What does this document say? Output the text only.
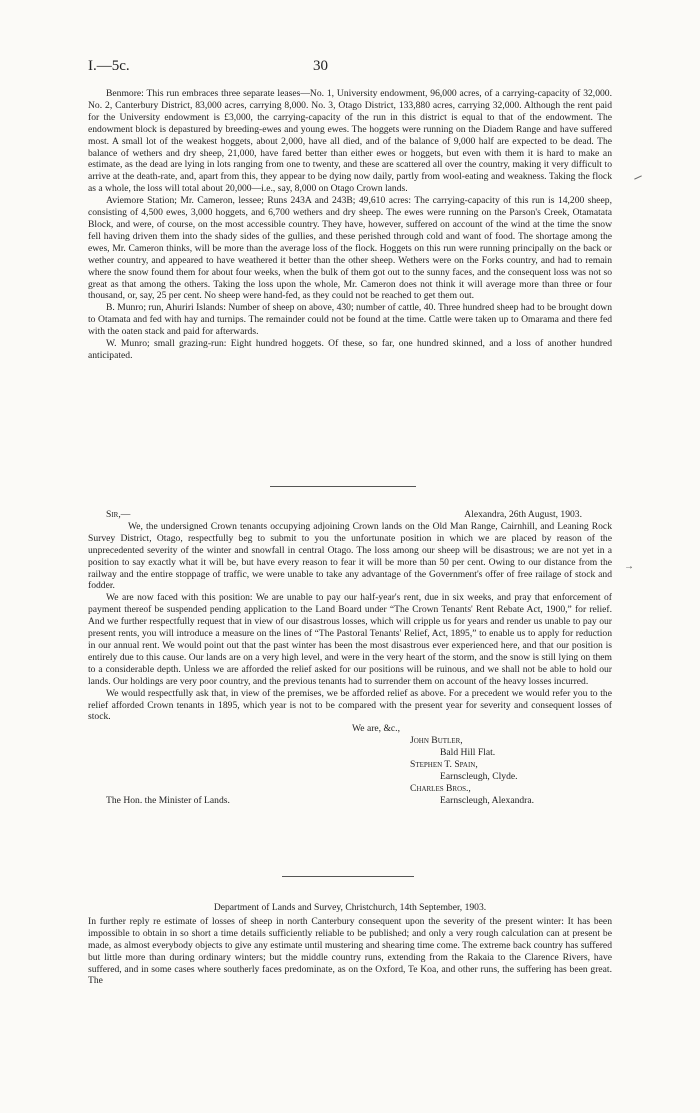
I.—5c.	30

Benmore: This run embraces three separate leases—No. 1, University endowment, 96,000 acres, of a carrying-capacity of 32,000. No. 2, Canterbury District, 83,000 acres, carrying 8,000. No. 3, Otago District, 133,880 acres, carrying 32,000. Although the rent paid for the University endowment is £3,000, the carrying-capacity of the run in this district is equal to that of the endowment. The endowment block is depastured by breeding-ewes and young ewes. The hoggets were running on the Diadem Range and have suffered most. A small lot of the weakest hoggets, about 2,000, have all died, and of the balance of 9,000 half are expected to be dead. The balance of wethers and dry sheep, 21,000, have fared better than either ewes or hoggets, but even with them it is hard to make an estimate, as the dead are lying in lots ranging from one to twenty, and these are scattered all over the country, making it very difficult to arrive at the death-rate, and, apart from this, they appear to be dying now daily, partly from wool-eating and weakness. Taking the flock as a whole, the loss will total about 20,000—i.e., say, 8,000 on Otago Crown lands.

Aviemore Station; Mr. Cameron, lessee; Runs 243A and 243B; 49,610 acres: The carrying-capacity of this run is 14,200 sheep, consisting of 4,500 ewes, 3,000 hoggets, and 6,700 wethers and dry sheep. The ewes were running on the Parson's Creek, Otamatata Block, and were, of course, on the most accessible country. They have, however, suffered on account of the wind at the time the snow fell having driven them into the shady sides of the gullies, and these perished through cold and want of food. The shortage among the ewes, Mr. Cameron thinks, will be more than the average loss of the flock. Hoggets on this run were running principally on the back or wether country, and appeared to have weathered it better than the other sheep. Wethers were on the Forks country, and had to remain where the snow found them for about four weeks, when the bulk of them got out to the sunny faces, and the consequent loss was not so great as that among the others. Taking the loss upon the whole, Mr. Cameron does not think it will average more than three or four thousand, or, say, 25 per cent. No sheep were hand-fed, as they could not be reached to get them out.

B. Munro; run, Ahuriri Islands: Number of sheep on above, 430; number of cattle, 40. Three hundred sheep had to be brought down to Otamata and fed with hay and turnips. The remainder could not be found at the time. Cattle were taken up to Omarama and there fed with the oaten stack and paid for afterwards.

W. Munro; small grazing-run: Eight hundred hoggets. Of these, so far, one hundred skinned, and a loss of another hundred anticipated.

Sir,—	Alexandra, 26th August, 1903.

We, the undersigned Crown tenants occupying adjoining Crown lands on the Old Man Range, Cairnhill, and Leaning Rock Survey District, Otago, respectfully beg to submit to you the unfortunate position in which we are placed by reason of the unprecedented severity of the winter and snowfall in central Otago. The loss among our sheep will be disastrous; we are not yet in a position to say exactly what it will be, but have every reason to fear it will be more than 50 per cent. Owing to our distance from the railway and the entire stoppage of traffic, we were unable to take any advantage of the Government's offer of free railage of stock and fodder.

We are now faced with this position: We are unable to pay our half-year's rent, due in six weeks, and pray that enforcement of payment thereof be suspended pending application to the Land Board under “The Crown Tenants' Rent Rebate Act, 1900,” for relief. And we further respectfully request that in view of our disastrous losses, which will cripple us for years and render us unable to pay our present rents, you will introduce a measure on the lines of “The Pastoral Tenants' Relief, Act, 1895,” to enable us to apply for reduction in our annual rent. We would point out that the past winter has been the most disastrous ever experienced here, and that our position is entirely due to this cause. Our lands are on a very high level, and were in the very heart of the storm, and the snow is still lying on them to a considerable depth. Unless we are afforded the relief asked for our positions will be ruinous, and we shall not be able to hold our lands. Our holdings are very poor country, and the previous tenants had to surrender them on account of the heavy losses incurred.

We would respectfully ask that, in view of the premises, we be afforded relief as above. For a precedent we would refer you to the relief afforded Crown tenants in 1895, which year is not to be compared with the present year for severity and consequent losses of stock.

We are, &c.,
John Butler,
Bald Hill Flat.
Stephen T. Spain,
Earnscleugh, Clyde.
Charles Bros.,
The Hon. the Minister of Lands.	Earnscleugh, Alexandra.

Department of Lands and Survey, Christchurch, 14th September, 1903.

In further reply re estimate of losses of sheep in north Canterbury consequent upon the severity of the present winter: It has been impossible to obtain in so short a time details sufficiently reliable to be published; and only a very rough calculation can at present be made, as almost everybody objects to give any estimate until mustering and shearing time come. The extreme back country has suffered but little more than during ordinary winters; but the middle country runs, extending from the Rakaia to the Clarence Rivers, have suffered, and in some cases where southerly faces predominate, as on the Oxford, Te Koa, and other runs, the suffering has been great. The

→
